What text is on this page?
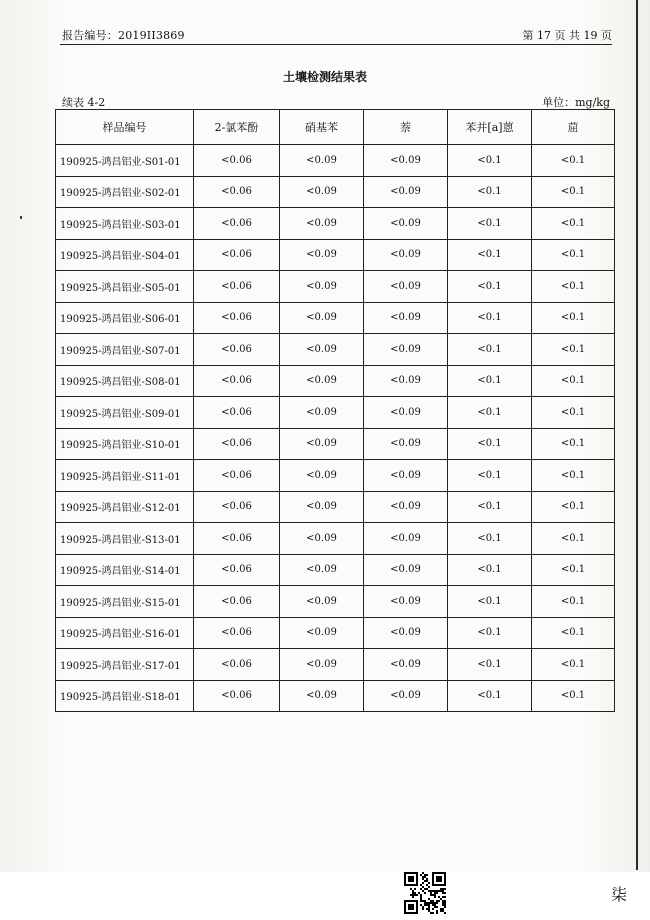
报告编号：2019II3869	第 17 页 共 19 页
土壤检测结果表
续表 4-2	单位：mg/kg
样品编号	2-氯苯酚	硝基苯	萘	苯并[a]蒽	䓛
190925-鸿昌铝业-S01-01	<0.06	<0.09	<0.09	<0.1	<0.1
190925-鸿昌铝业-S02-01	<0.06	<0.09	<0.09	<0.1	<0.1
190925-鸿昌铝业-S03-01	<0.06	<0.09	<0.09	<0.1	<0.1
190925-鸿昌铝业-S04-01	<0.06	<0.09	<0.09	<0.1	<0.1
190925-鸿昌铝业-S05-01	<0.06	<0.09	<0.09	<0.1	<0.1
190925-鸿昌铝业-S06-01	<0.06	<0.09	<0.09	<0.1	<0.1
190925-鸿昌铝业-S07-01	<0.06	<0.09	<0.09	<0.1	<0.1
190925-鸿昌铝业-S08-01	<0.06	<0.09	<0.09	<0.1	<0.1
190925-鸿昌铝业-S09-01	<0.06	<0.09	<0.09	<0.1	<0.1
190925-鸿昌铝业-S10-01	<0.06	<0.09	<0.09	<0.1	<0.1
190925-鸿昌铝业-S11-01	<0.06	<0.09	<0.09	<0.1	<0.1
190925-鸿昌铝业-S12-01	<0.06	<0.09	<0.09	<0.1	<0.1
190925-鸿昌铝业-S13-01	<0.06	<0.09	<0.09	<0.1	<0.1
190925-鸿昌铝业-S14-01	<0.06	<0.09	<0.09	<0.1	<0.1
190925-鸿昌铝业-S15-01	<0.06	<0.09	<0.09	<0.1	<0.1
190925-鸿昌铝业-S16-01	<0.06	<0.09	<0.09	<0.1	<0.1
190925-鸿昌铝业-S17-01	<0.06	<0.09	<0.09	<0.1	<0.1
190925-鸿昌铝业-S18-01	<0.06	<0.09	<0.09	<0.1	<0.1
柒
